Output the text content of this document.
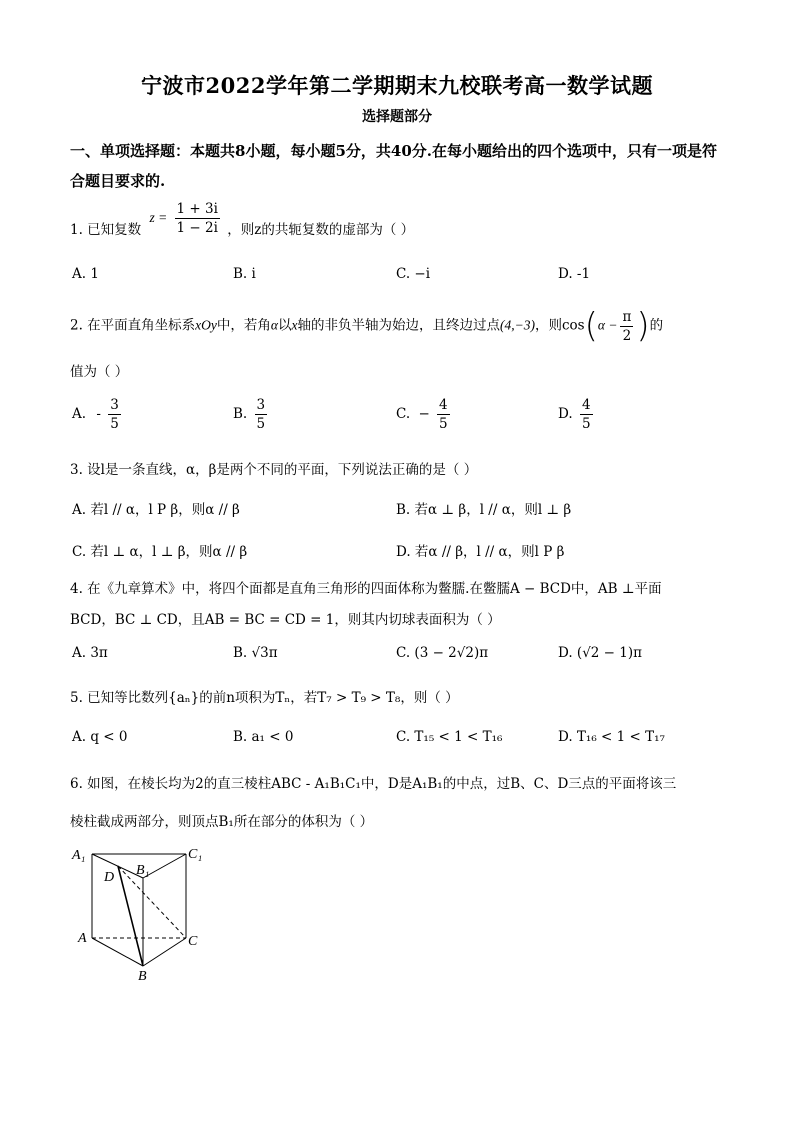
宁波市2022学年第二学期期末九校联考高一数学试题
选择题部分
一、单项选择题：本题共8小题，每小题5分，共40分.在每小题给出的四个选项中，只有一项是符合题目要求的.
1. 已知复数 $z = \frac{1 + 3i}{1 - 2i}$ ，则z的共轭复数的虚部为（ ）
A. 1	B. i	C. −i	D. -1
2. 在平面直角坐标系xOy中，若角α以x轴的非负半轴为始边，且终边过点(4,−3)，则$\cos(\alpha - \frac{\pi}{2}$ )的
值为（ ）
A. - $\frac{3}{5}$	B. $\frac{3}{5}$	C. − $\frac{4}{5}$	D. $\frac{4}{5}$
3. 设l是一条直线，α，β是两个不同的平面，下列说法正确的是（ ）
A. 若l // α，l P β，则α // β	B. 若α ⊥ β，l // α，则l ⊥ β
C. 若l ⊥ α，l ⊥ β，则α // β	D. 若α // β，l // α，则l P β
4. 在《九章算术》中，将四个面都是直角三角形的四面体称为鳖臑.在鳖臑A − BCD中，AB ⊥平面
BCD，BC ⊥ CD，且AB = BC = CD = 1，则其内切球表面积为（ ）
A. 3π	B. √3π	C. (3 − 2√2)π	D. (√2 − 1)π
5. 已知等比数列{aₙ}的前n项积为Tₙ，若T₇ > T₉ > T₈，则（ ）
A. q < 0	B. a₁ < 0	C. T₁₅ < 1 < T₁₆	D. T₁₆ < 1 < T₁₇
6. 如图，在棱长均为2的直三棱柱ABC - A₁B₁C₁中，D是A₁B₁的中点，过B、C、D三点的平面将该三
棱柱截成两部分，则顶点B₁所在部分的体积为（ ）
A₁
B₁
C₁
D
A	C
B
